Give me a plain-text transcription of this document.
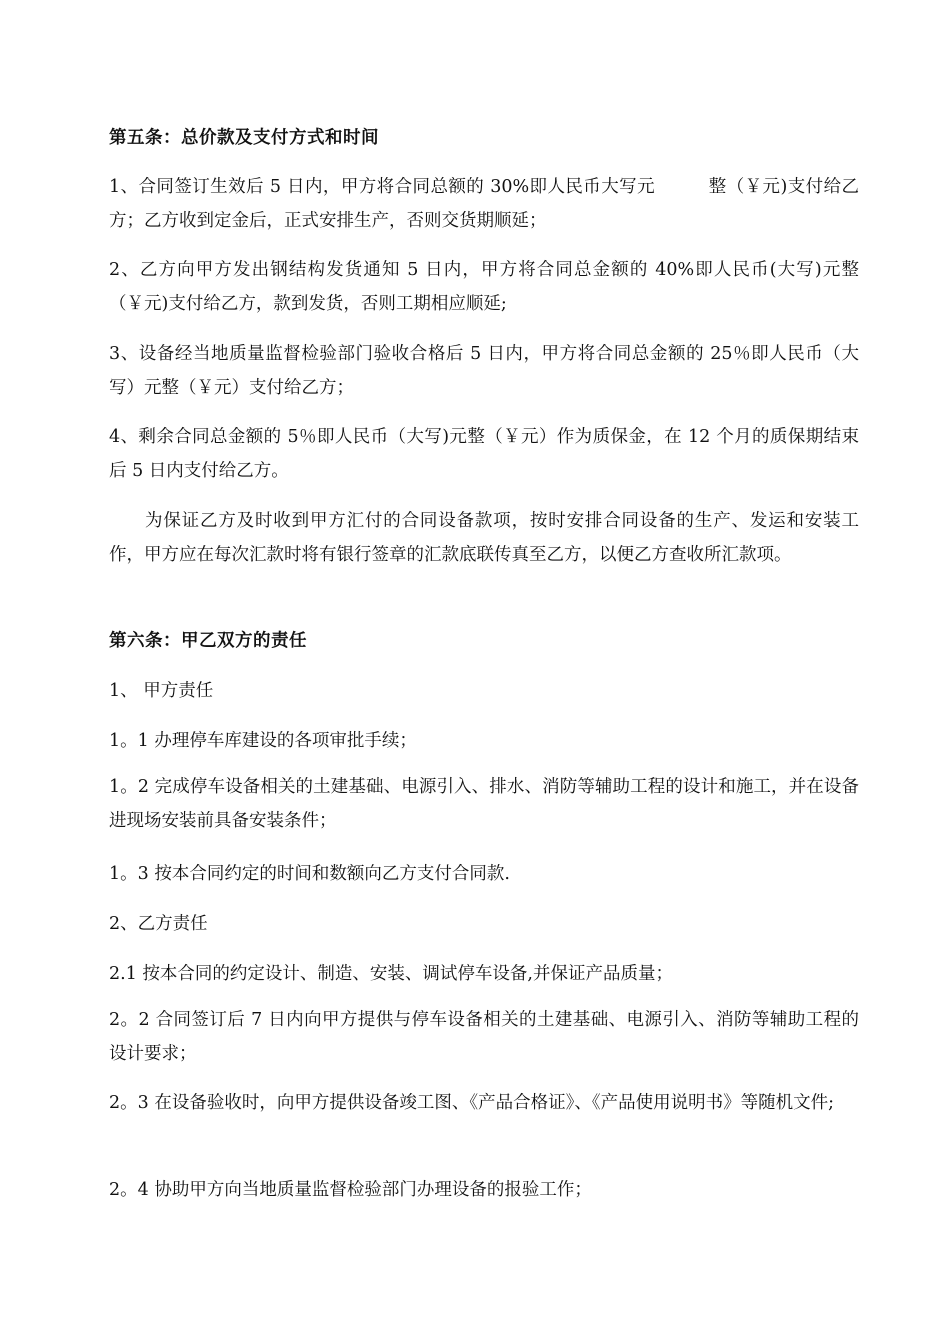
第五条：总价款及支付方式和时间
1、合同签订生效后 5 日内，甲方将合同总额的 30%即人民币大写元　　　整（￥元)支付给乙方；乙方收到定金后，正式安排生产，否则交货期顺延；
2、乙方向甲方发出钢结构发货通知 5 日内，甲方将合同总金额的 40%即人民币(大写)元整（￥元)支付给乙方，款到发货，否则工期相应顺延;
3、设备经当地质量监督检验部门验收合格后 5 日内，甲方将合同总金额的 25％即人民币（大写）元整（￥元）支付给乙方；
4、剩余合同总金额的 5％即人民币（大写)元整（￥元）作为质保金，在 12 个月的质保期结束后 5 日内支付给乙方。
为保证乙方及时收到甲方汇付的合同设备款项，按时安排合同设备的生产、发运和安装工作，甲方应在每次汇款时将有银行签章的汇款底联传真至乙方，以便乙方查收所汇款项。
第六条：甲乙双方的责任
1、 甲方责任
1。1 办理停车库建设的各项审批手续；
1。2 完成停车设备相关的土建基础、电源引入、排水、消防等辅助工程的设计和施工，并在设备进现场安装前具备安装条件；
1。3 按本合同约定的时间和数额向乙方支付合同款.
2、乙方责任
2.1 按本合同的约定设计、制造、安装、调试停车设备,并保证产品质量；
2。2 合同签订后 7 日内向甲方提供与停车设备相关的土建基础、电源引入、消防等辅助工程的设计要求；
2。3 在设备验收时，向甲方提供设备竣工图、《产品合格证》、《产品使用说明书》等随机文件;
2。4 协助甲方向当地质量监督检验部门办理设备的报验工作；
